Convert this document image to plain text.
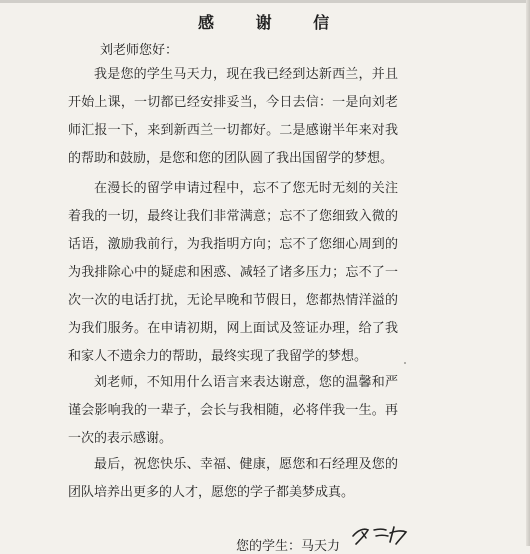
感 谢 信

刘老师您好：

我是您的学生马天力，现在我已经到达新西兰，并且开始上课，一切都已经安排妥当，今日去信：一是向刘老师汇报一下，来到新西兰一切都好。二是感谢半年来对我的帮助和鼓励，是您和您的团队圆了我出国留学的梦想。

在漫长的留学申请过程中，忘不了您无时无刻的关注着我的一切，最终让我们非常满意；忘不了您细致入微的话语，激励我前行，为我指明方向；忘不了您细心周到的为我排除心中的疑虑和困惑、减轻了诸多压力；忘不了一次一次的电话打扰，无论早晚和节假日，您都热情洋溢的为我们服务。在申请初期，网上面试及签证办理，给了我和家人不遗余力的帮助，最终实现了我留学的梦想。

刘老师，不知用什么语言来表达谢意，您的温馨和严谨会影响我的一辈子，会长与我相随，必将伴我一生。再一次的表示感谢。

最后，祝您快乐、幸福、健康，愿您和石经理及您的团队培养出更多的人才，愿您的学子都美梦成真。

您的学生：马天力
